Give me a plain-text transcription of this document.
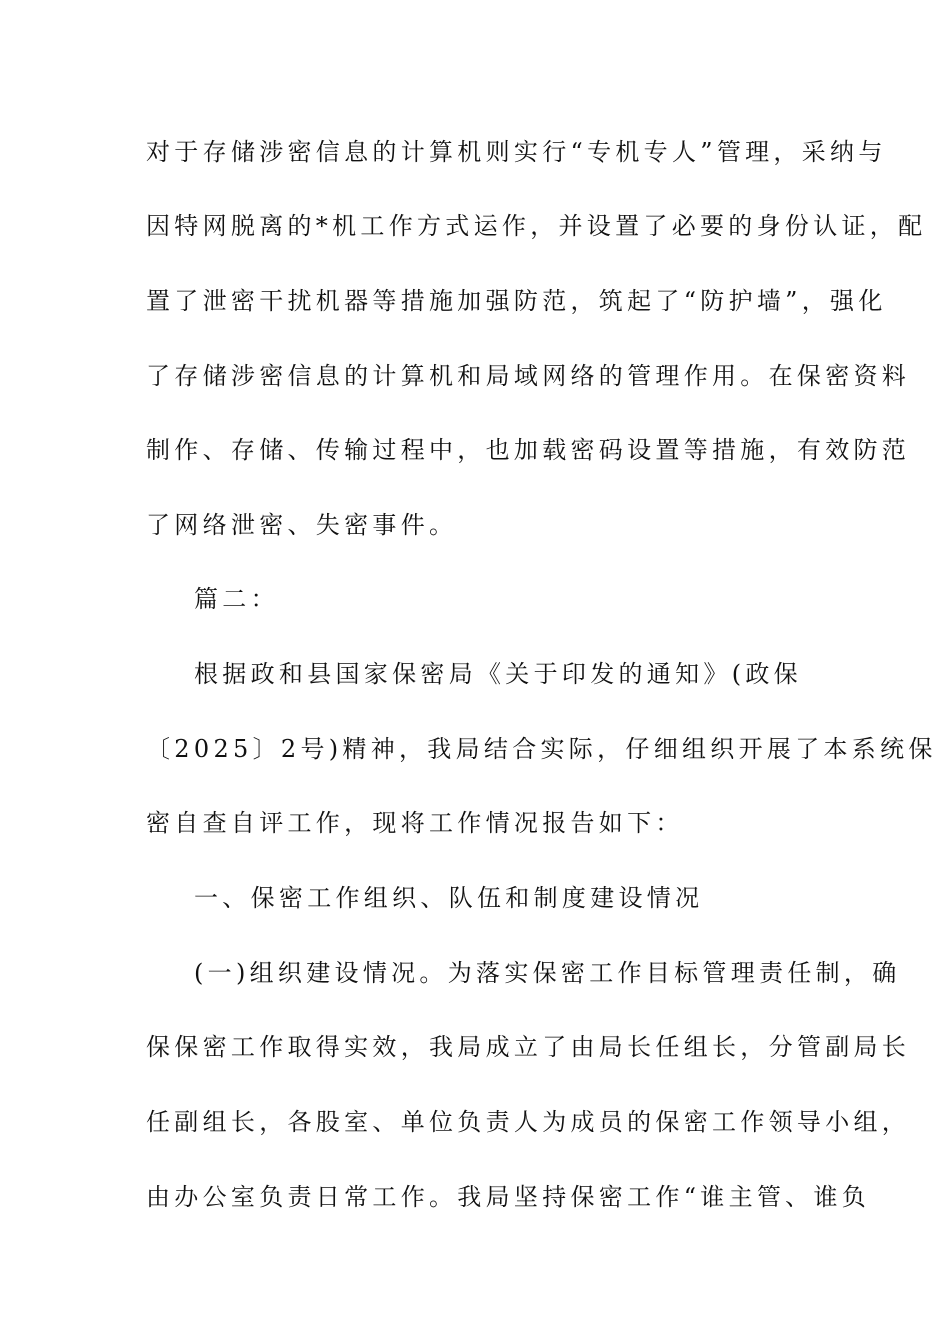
对于存储涉密信息的计算机则实行“专机专人”管理，采纳与
因特网脱离的*机工作方式运作，并设置了必要的身份认证，配
置了泄密干扰机器等措施加强防范，筑起了“防护墙”，强化
了存储涉密信息的计算机和局域网络的管理作用。在保密资料
制作、存储、传输过程中，也加载密码设置等措施，有效防范
了网络泄密、失密事件。
篇二：
根据政和县国家保密局《关于印发的通知》(政保
〔2025〕2号)精神，我局结合实际，仔细组织开展了本系统保
密自查自评工作，现将工作情况报告如下：
一、保密工作组织、队伍和制度建设情况
(一)组织建设情况。为落实保密工作目标管理责任制，确
保保密工作取得实效，我局成立了由局长任组长，分管副局长
任副组长，各股室、单位负责人为成员的保密工作领导小组，
由办公室负责日常工作。我局坚持保密工作“谁主管、谁负
